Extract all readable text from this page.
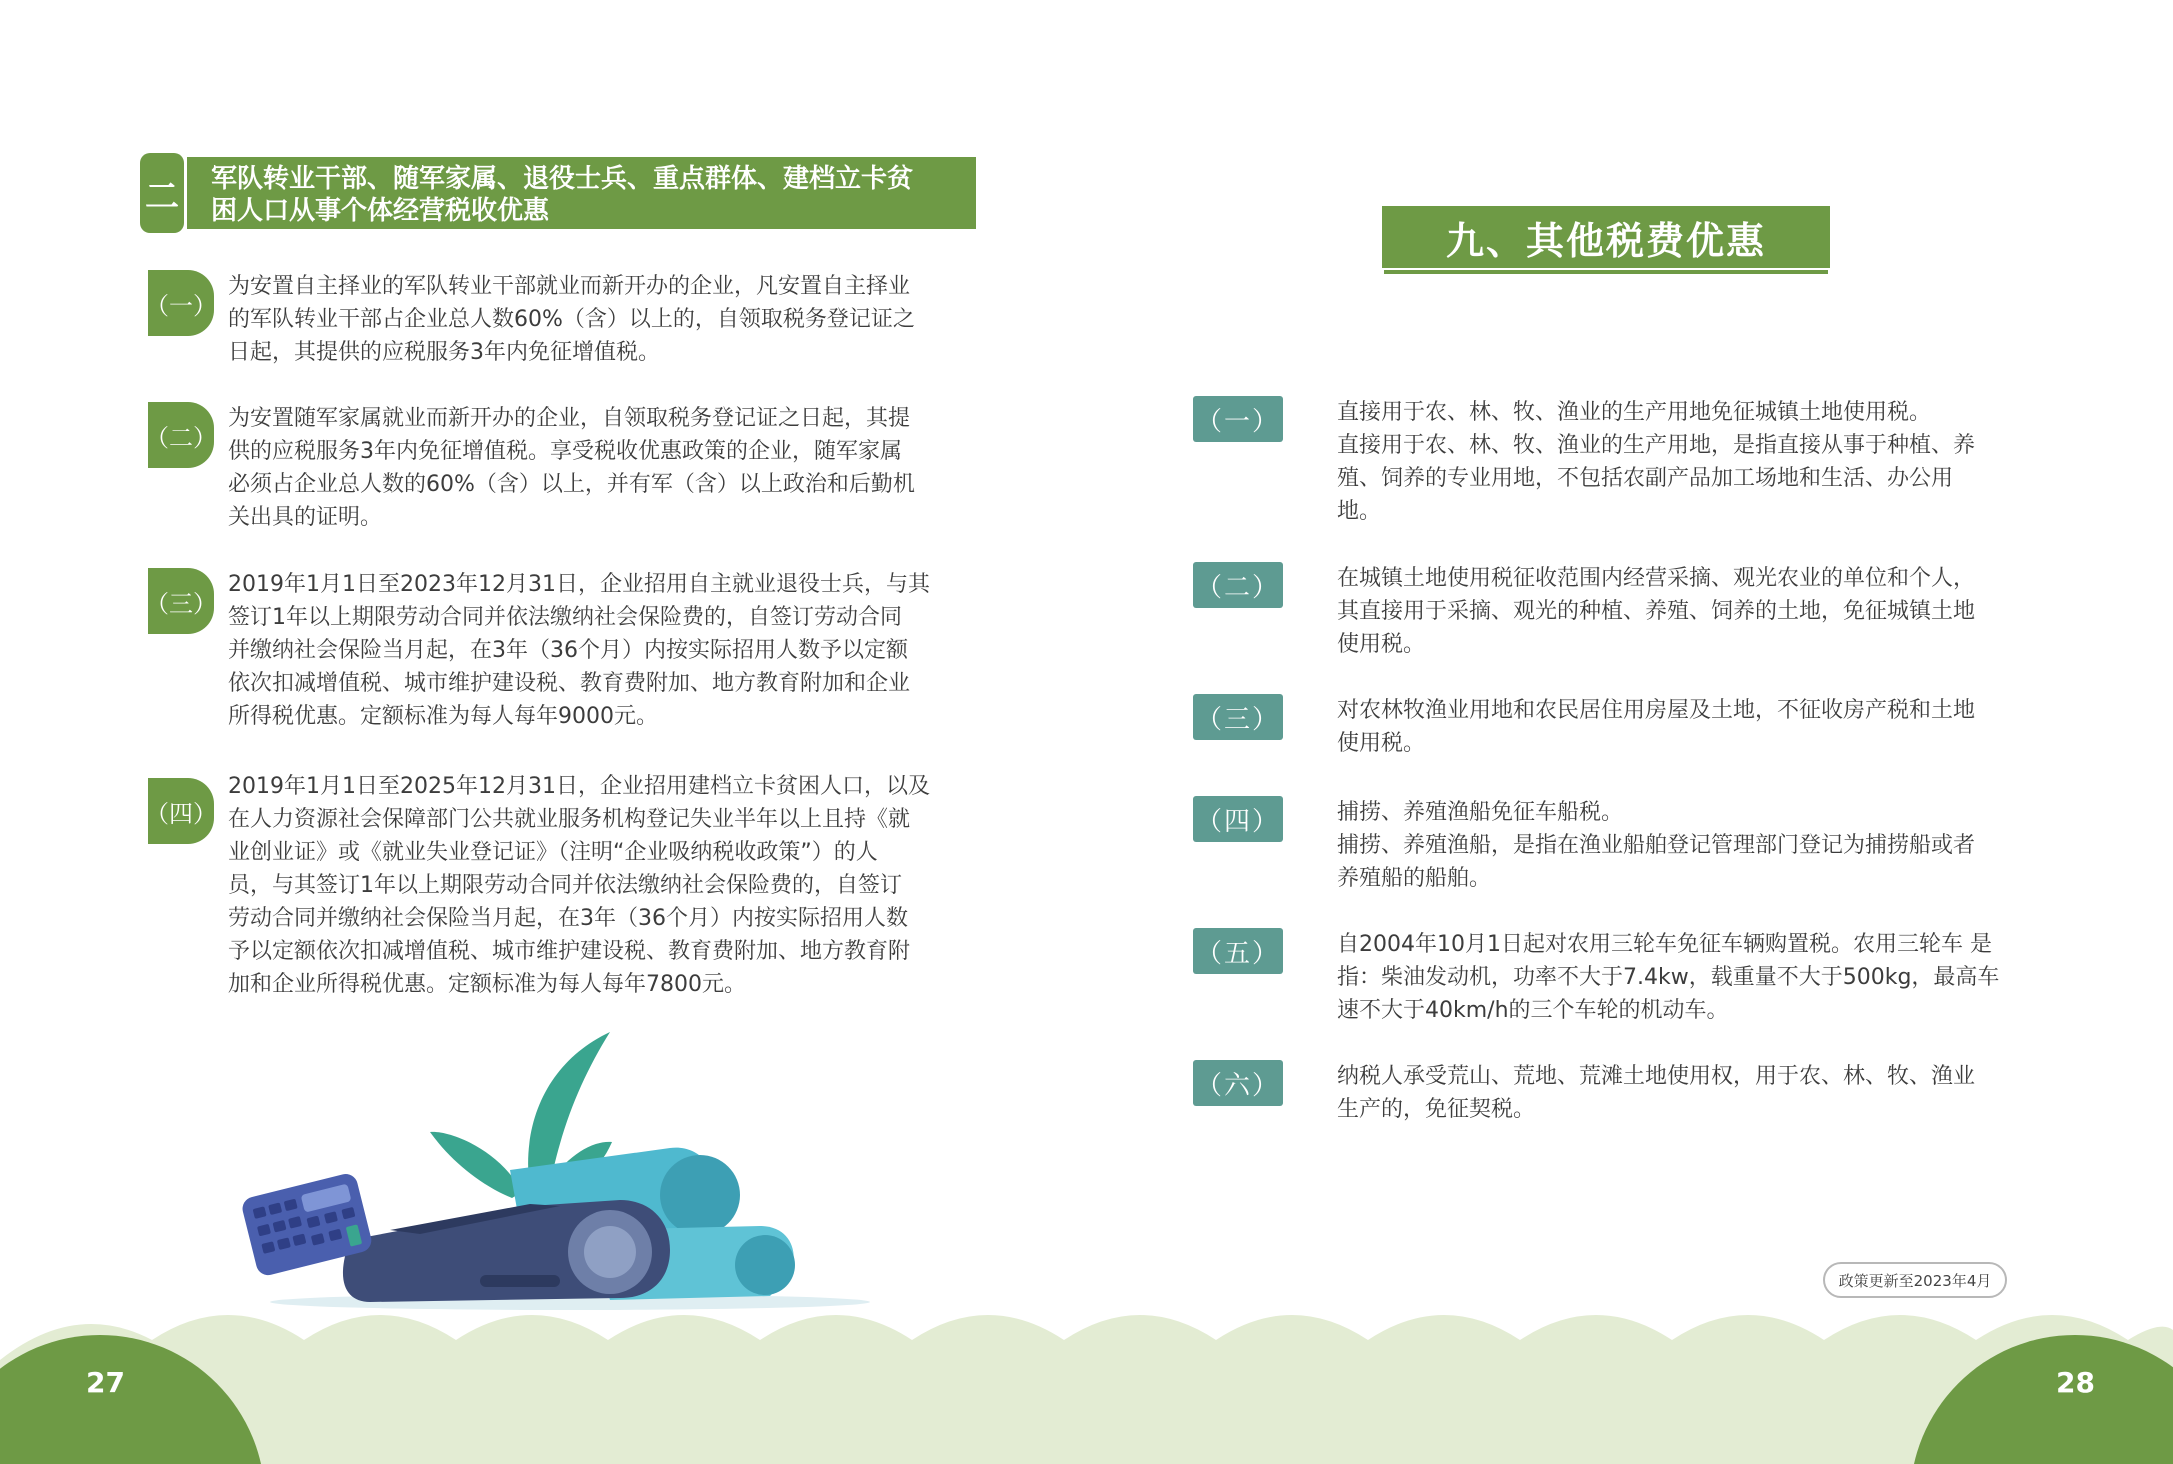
二 军队转业干部、随军家属、退役士兵、重点群体、建档立卡贫
困人口从事个体经营税收优惠
（一）
为安置自主择业的军队转业干部就业而新开办的企业，凡安置自主择业
的军队转业干部占企业总人数60%（含）以上的，自领取税务登记证之
日起，其提供的应税服务3年内免征增值税。
（二）
为安置随军家属就业而新开办的企业，自领取税务登记证之日起，其提
供的应税服务3年内免征增值税。享受税收优惠政策的企业，随军家属
必须占企业总人数的60%（含）以上，并有军（含）以上政治和后勤机
关出具的证明。
（三）
2019年1月1日至2023年12月31日，企业招用自主就业退役士兵，与其
签订1年以上期限劳动合同并依法缴纳社会保险费的，自签订劳动合同
并缴纳社会保险当月起，在3年（36个月）内按实际招用人数予以定额
依次扣减增值税、城市维护建设税、教育费附加、地方教育附加和企业
所得税优惠。定额标准为每人每年9000元。
（四）
2019年1月1日至2025年12月31日，企业招用建档立卡贫困人口，以及
在人力资源社会保障部门公共就业服务机构登记失业半年以上且持《就
业创业证》或《就业失业登记证》（注明“企业吸纳税收政策”）的人
员，与其签订1年以上期限劳动合同并依法缴纳社会保险费的，自签订
劳动合同并缴纳社会保险当月起，在3年（36个月）内按实际招用人数
予以定额依次扣减增值税、城市维护建设税、教育费附加、地方教育附
加和企业所得税优惠。定额标准为每人每年7800元。
九、其他税费优惠
（一）	直接用于农、林、牧、渔业的生产用地免征城镇土地使用税。
直接用于农、林、牧、渔业的生产用地，是指直接从事于种植、养
殖、饲养的专业用地，不包括农副产品加工场地和生活、办公用
地。
（二）	在城镇土地使用税征收范围内经营采摘、观光农业的单位和个人，
其直接用于采摘、观光的种植、养殖、饲养的土地，免征城镇土地
使用税。
（三）	对农林牧渔业用地和农民居住用房屋及土地，不征收房产税和土地
使用税。
（四）	捕捞、养殖渔船免征车船税。
捕捞、养殖渔船，是指在渔业船舶登记管理部门登记为捕捞船或者
养殖船的船舶。
（五）	自2004年10月1日起对农用三轮车免征车辆购置税。农用三轮车 是
指：柴油发动机，功率不大于7.4kw，载重量不大于500kg，最高车
速不大于40km/h的三个车轮的机动车。
（六）	纳税人承受荒山、荒地、荒滩土地使用权，用于农、林、牧、渔业
生产的，免征契税。
政策更新至2023年4月
27	28
